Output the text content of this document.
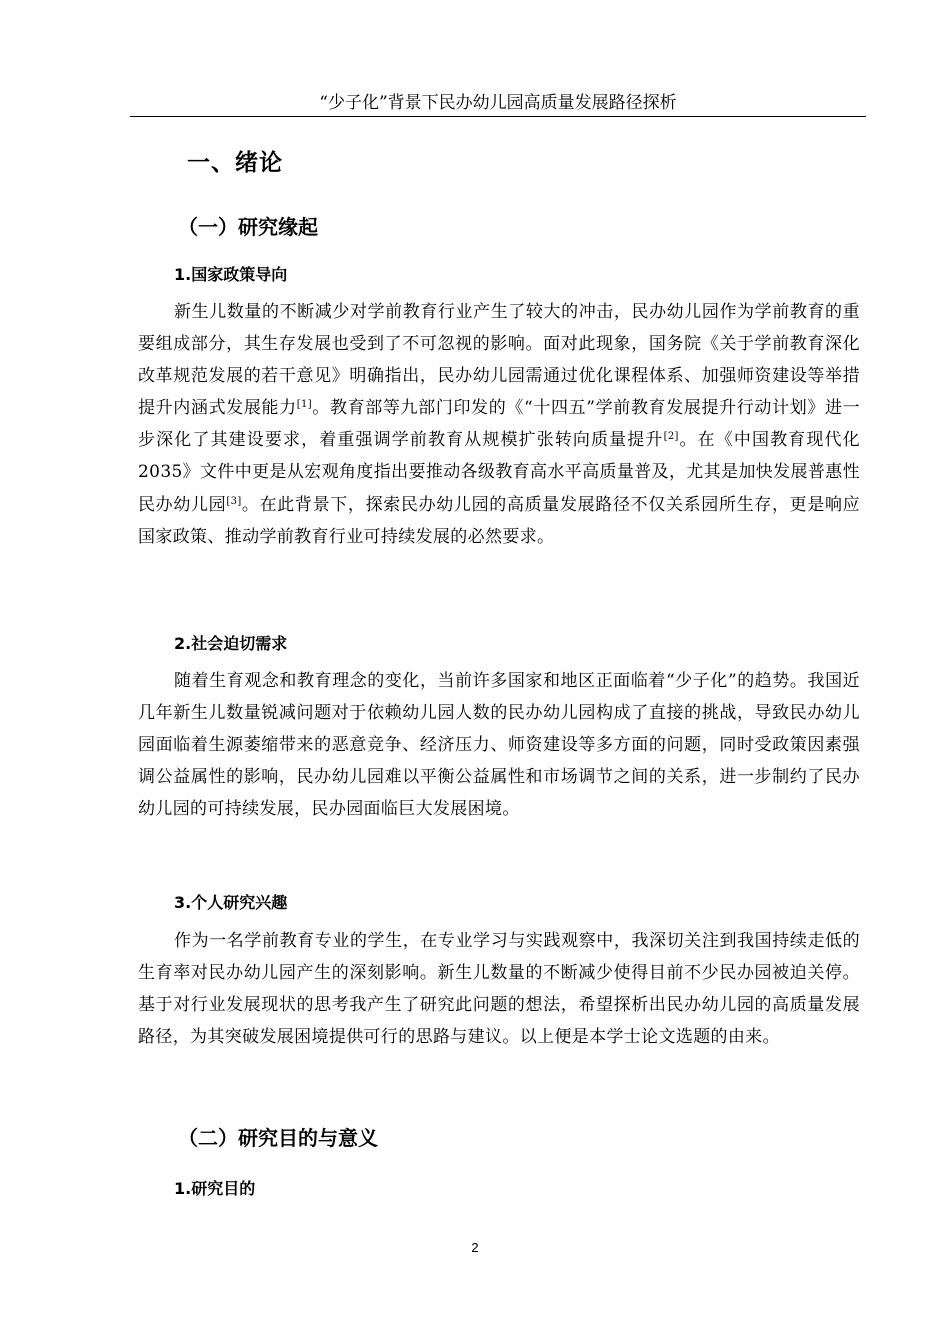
“少子化”背景下民办幼儿园高质量发展路径探析
一、绪论
（一）研究缘起
1.国家政策导向

新生儿数量的不断减少对学前教育行业产生了较大的冲击，民办幼儿园作为学前教育的重要组成部分，其生存发展也受到了不可忽视的影响。面对此现象，国务院《关于学前教育深化改革规范发展的若干意见》明确指出，民办幼儿园需通过优化课程体系、加强师资建设等举措提升内涵式发展能力[1]。教育部等九部门印发的《“十四五”学前教育发展提升行动计划》进一步深化了其建设要求，着重强调学前教育从规模扩张转向质量提升[2]。在《中国教育现代化 2035》文件中更是从宏观角度指出要推动各级教育高水平高质量普及，尤其是加快发展普惠性民办幼儿园[3]。在此背景下，探索民办幼儿园的高质量发展路径不仅关系园所生存，更是响应国家政策、推动学前教育行业可持续发展的必然要求。

2.社会迫切需求

随着生育观念和教育理念的变化，当前许多国家和地区正面临着“少子化”的趋势。我国近几年新生儿数量锐减问题对于依赖幼儿园人数的民办幼儿园构成了直接的挑战，导致民办幼儿园面临着生源萎缩带来的恶意竞争、经济压力、师资建设等多方面的问题，同时受政策因素强调公益属性的影响，民办幼儿园难以平衡公益属性和市场调节之间的关系，进一步制约了民办幼儿园的可持续发展，民办园面临巨大发展困境。

3.个人研究兴趣

作为一名学前教育专业的学生，在专业学习与实践观察中，我深切关注到我国持续走低的生育率对民办幼儿园产生的深刻影响。新生儿数量的不断减少使得目前不少民办园被迫关停。基于对行业发展现状的思考我产生了研究此问题的想法，希望探析出民办幼儿园的高质量发展路径，为其突破发展困境提供可行的思路与建议。以上便是本学士论文选题的由来。

（二）研究目的与意义
1.研究目的
2
